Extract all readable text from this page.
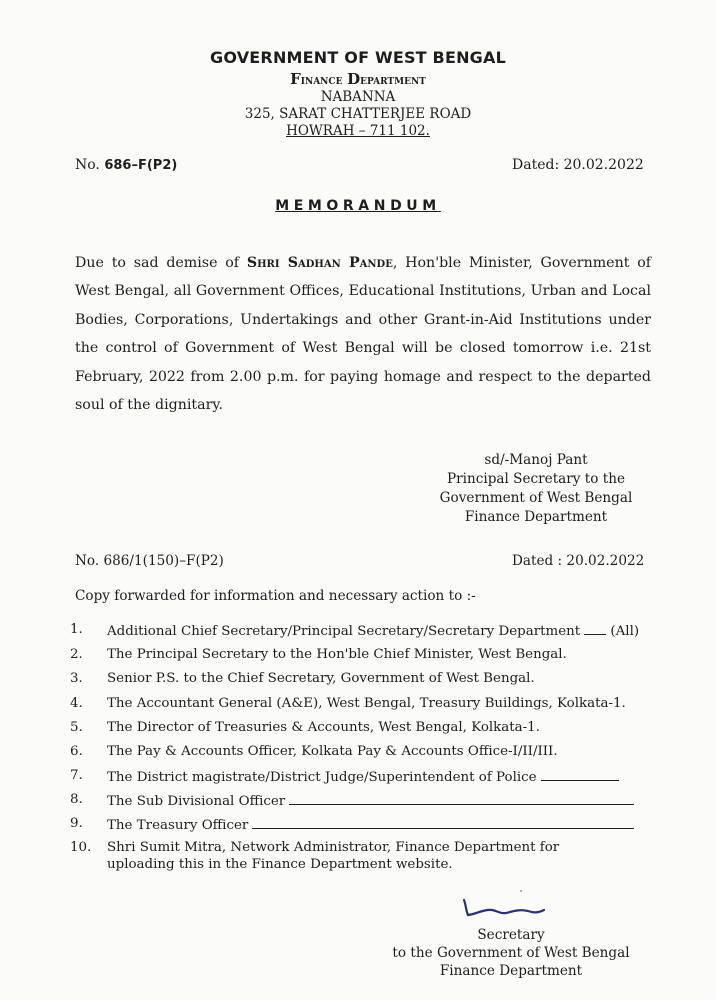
GOVERNMENT OF WEST BENGAL
Finance Department
NABANNA
325, SARAT CHATTERJEE ROAD
HOWRAH – 711 102.
No. 686–F(P2)	Dated: 20.02.2022
MEMORANDUM
Due to sad demise of Shri Sadhan Pande, Hon'ble Minister, Government of West Bengal, all Government Offices, Educational Institutions, Urban and Local Bodies, Corporations, Undertakings and other Grant-in-Aid Institutions under the control of Government of West Bengal will be closed tomorrow i.e. 21st February, 2022 from 2.00 p.m. for paying homage and respect to the departed soul of the dignitary.
sd/-Manoj Pant
Principal Secretary to the
Government of West Bengal
Finance Department
No. 686/1(150)–F(P2)	Dated : 20.02.2022
Copy forwarded for information and necessary action to :-
1. Additional Chief Secretary/Principal Secretary/Secretary Department (All)
2. The Principal Secretary to the Hon'ble Chief Minister, West Bengal.
3. Senior P.S. to the Chief Secretary, Government of West Bengal.
4. The Accountant General (A&E), West Bengal, Treasury Buildings, Kolkata-1.
5. The Director of Treasuries & Accounts, West Bengal, Kolkata-1.
6. The Pay & Accounts Officer, Kolkata Pay & Accounts Office-I/II/III.
7. The District magistrate/District Judge/Superintendent of Police
8. The Sub Divisional Officer
9. The Treasury Officer
10. Shri Sumit Mitra, Network Administrator, Finance Department for
uploading this in the Finance Department website.
Secretary
to the Government of West Bengal
Finance Department
